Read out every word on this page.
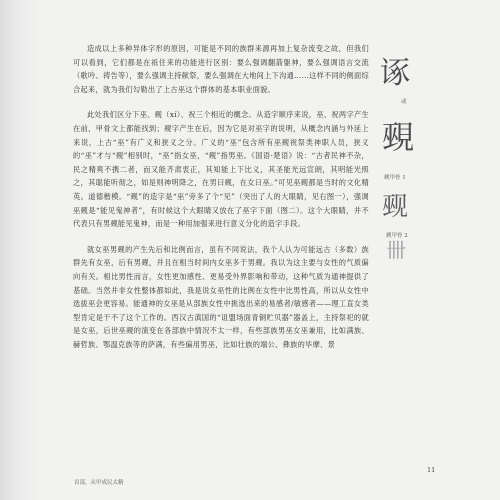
造成以上多种异体字形的原因，可能是不同的族群来源再加上复杂流变之故，但我们可以看到，它们都是在祇住来的功能进行区别：要么强调翻箭躯神，要么强调语言交流（歌吟、祷告等），要么强调主持献祭，要么强调在大地间上下沟通……这样不同的侧面综合起来，就为我们勾勒出了上古巫这个群体的基本职业面貌。

此处我们区分下巫、觋（xí）、祝三个相近的概念。从造字顺序来说，巫、祝两字产生在前，甲骨文上都能找到；觋字产生在后，因为它是对巫字的说明，从概念内涵与外延上来说，上古“巫”有广义和狭义之分。广义的“巫”包含所有巫觋祝祭类神职人员，狭义的“巫”才与“觋”相别时，“巫”指女巫，“觋”指男巫。《国语·楚语》说：“古者民神不杂，民之精爽不携二者，而又能齐肃衷正，其知能上下比义，其圣能光远宣朗，其明能光照之，其聪能听彻之，如是则神明降之，在男曰觋，在女曰巫。”可见巫觋都是当时的文化精英。道德楷模。“觋”的造字是“巫”旁多了个“见”（突出了人的大眼睛，见右图一），强调巫觋是“能见鬼神者”，有时候这个大眼睛又放在了巫字下面（图二）。这个大眼睛，并不代表只有男觋能见鬼神，而是一种用加强来进行意义分化的造字手段。

就女巫男觋的产生先后和比例而言，虽有不同说法，我个人认为可能远古（多数）族群先有女巫，后有男觋，并且在相当时间内女巫多于男觋。我以为这主要与女性的气质偏向有关。相比男性而言，女性更加感性、更易受外界影响和带动，这种气质为通神提供了基础。当然并非女性整体都如此，我是说女巫性的比例在女性中比男性高，所以从女性中选拔巫会更容易。能通神的女巫是从部族女性中挑选出来的易感者/敏感者——理工直女类型肯定是干不了这个工作的。西汉古滇国的“诅盟场面青铜贮贝器”器盖上，主持祭祀的就是女巫，后世巫觋的演变在各部族中情况不太一样，有些部族男巫女巫兼用，比如满族、赫哲族、鄂温克族等的萨满，有些偏用男巫，比如壮族的端公、彝族的毕摩、景

诼
或
覡
觋甲骨 1
觋
觋甲骨 2
卌
首部，从甲成民太精
11
